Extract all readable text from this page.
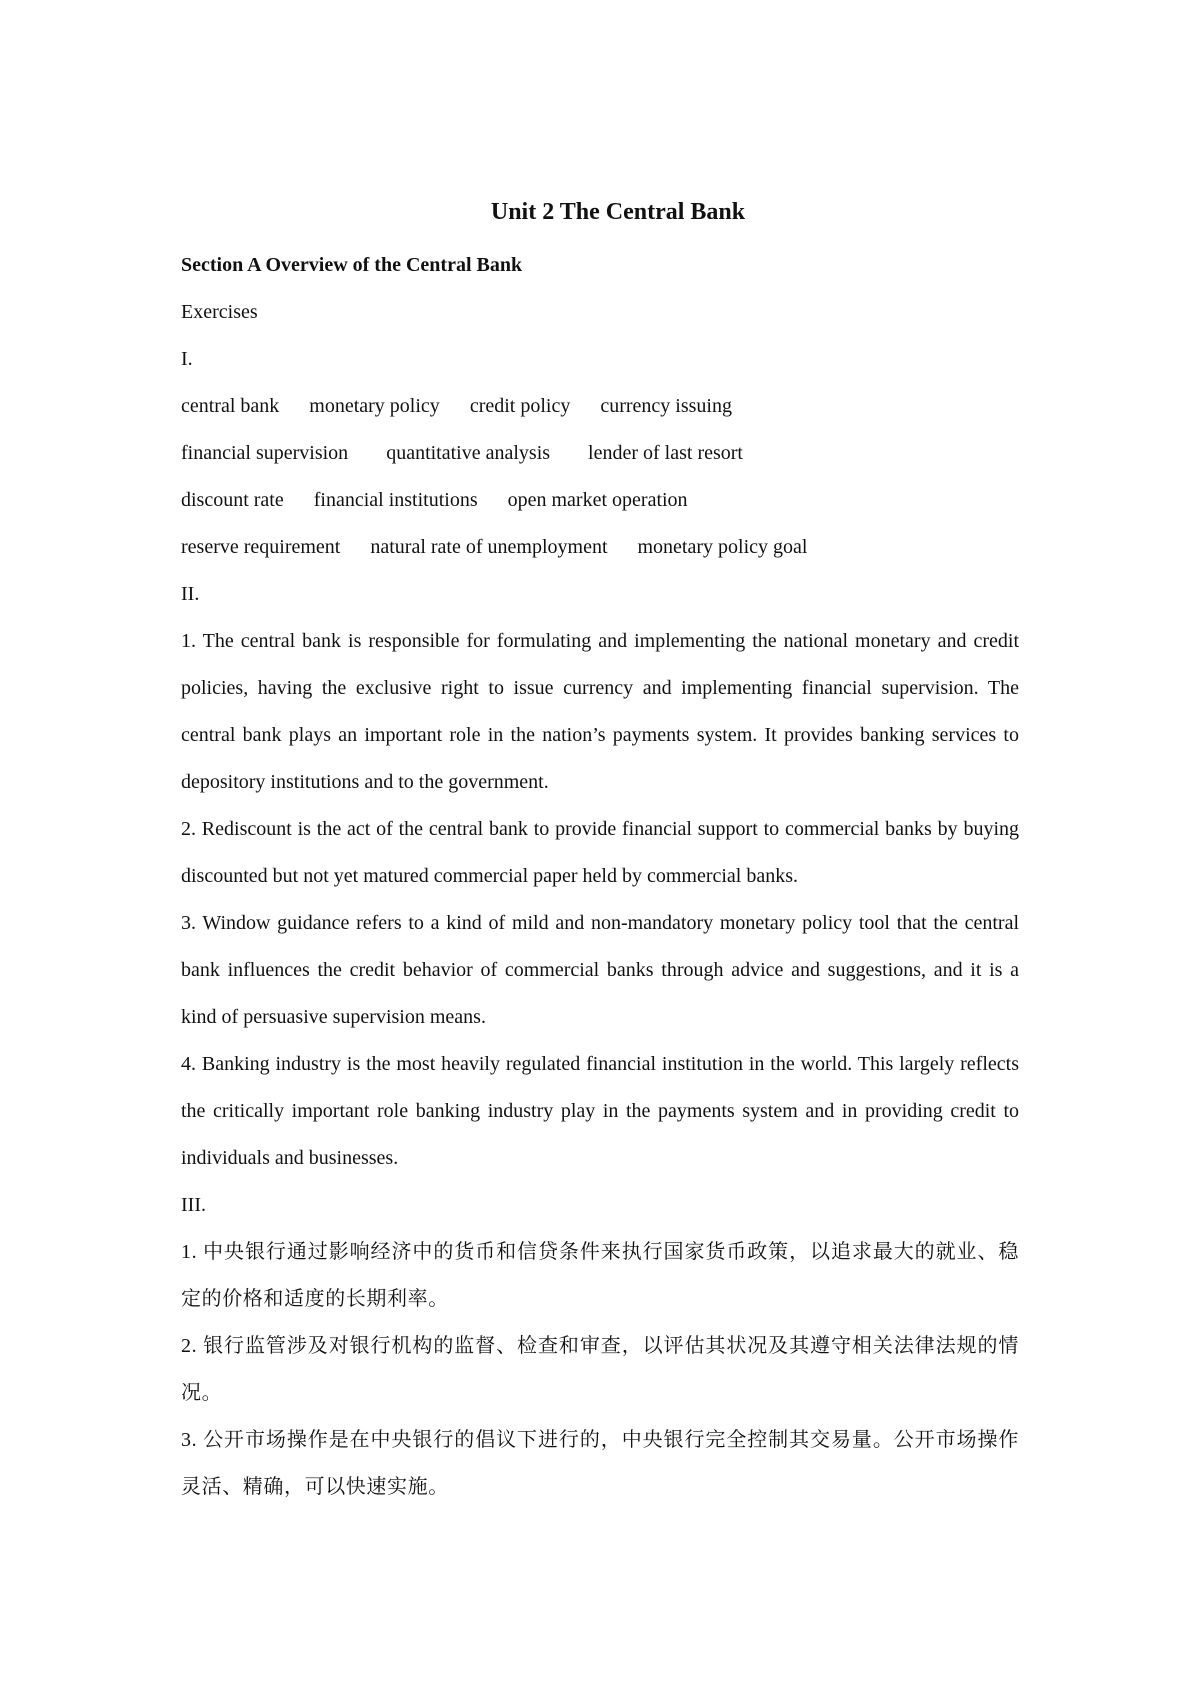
Unit 2 The Central Bank

Section A Overview of the Central Bank

Exercises

I.

central bank monetary policy credit policy currency issuing
financial supervision quantitative analysis lender of last resort
discount rate financial institutions open market operation
reserve requirement natural rate of unemployment monetary policy goal

II.

1. The central bank is responsible for formulating and implementing the national monetary and credit policies, having the exclusive right to issue currency and implementing financial supervision. The central bank plays an important role in the nation’s payments system. It provides banking services to depository institutions and to the government.

2. Rediscount is the act of the central bank to provide financial support to commercial banks by buying discounted but not yet matured commercial paper held by commercial banks.

3. Window guidance refers to a kind of mild and non-mandatory monetary policy tool that the central bank influences the credit behavior of commercial banks through advice and suggestions, and it is a kind of persuasive supervision means.

4. Banking industry is the most heavily regulated financial institution in the world. This largely reflects the critically important role banking industry play in the payments system and in providing credit to individuals and businesses.

III.

1. 中央银行通过影响经济中的货币和信贷条件来执行国家货币政策，以追求最大的就业、稳定的价格和适度的长期利率。

2. 银行监管涉及对银行机构的监督、检查和审查，以评估其状况及其遵守相关法律法规的情况。

3. 公开市场操作是在中央银行的倡议下进行的，中央银行完全控制其交易量。公开市场操作灵活、精确，可以快速实施。
